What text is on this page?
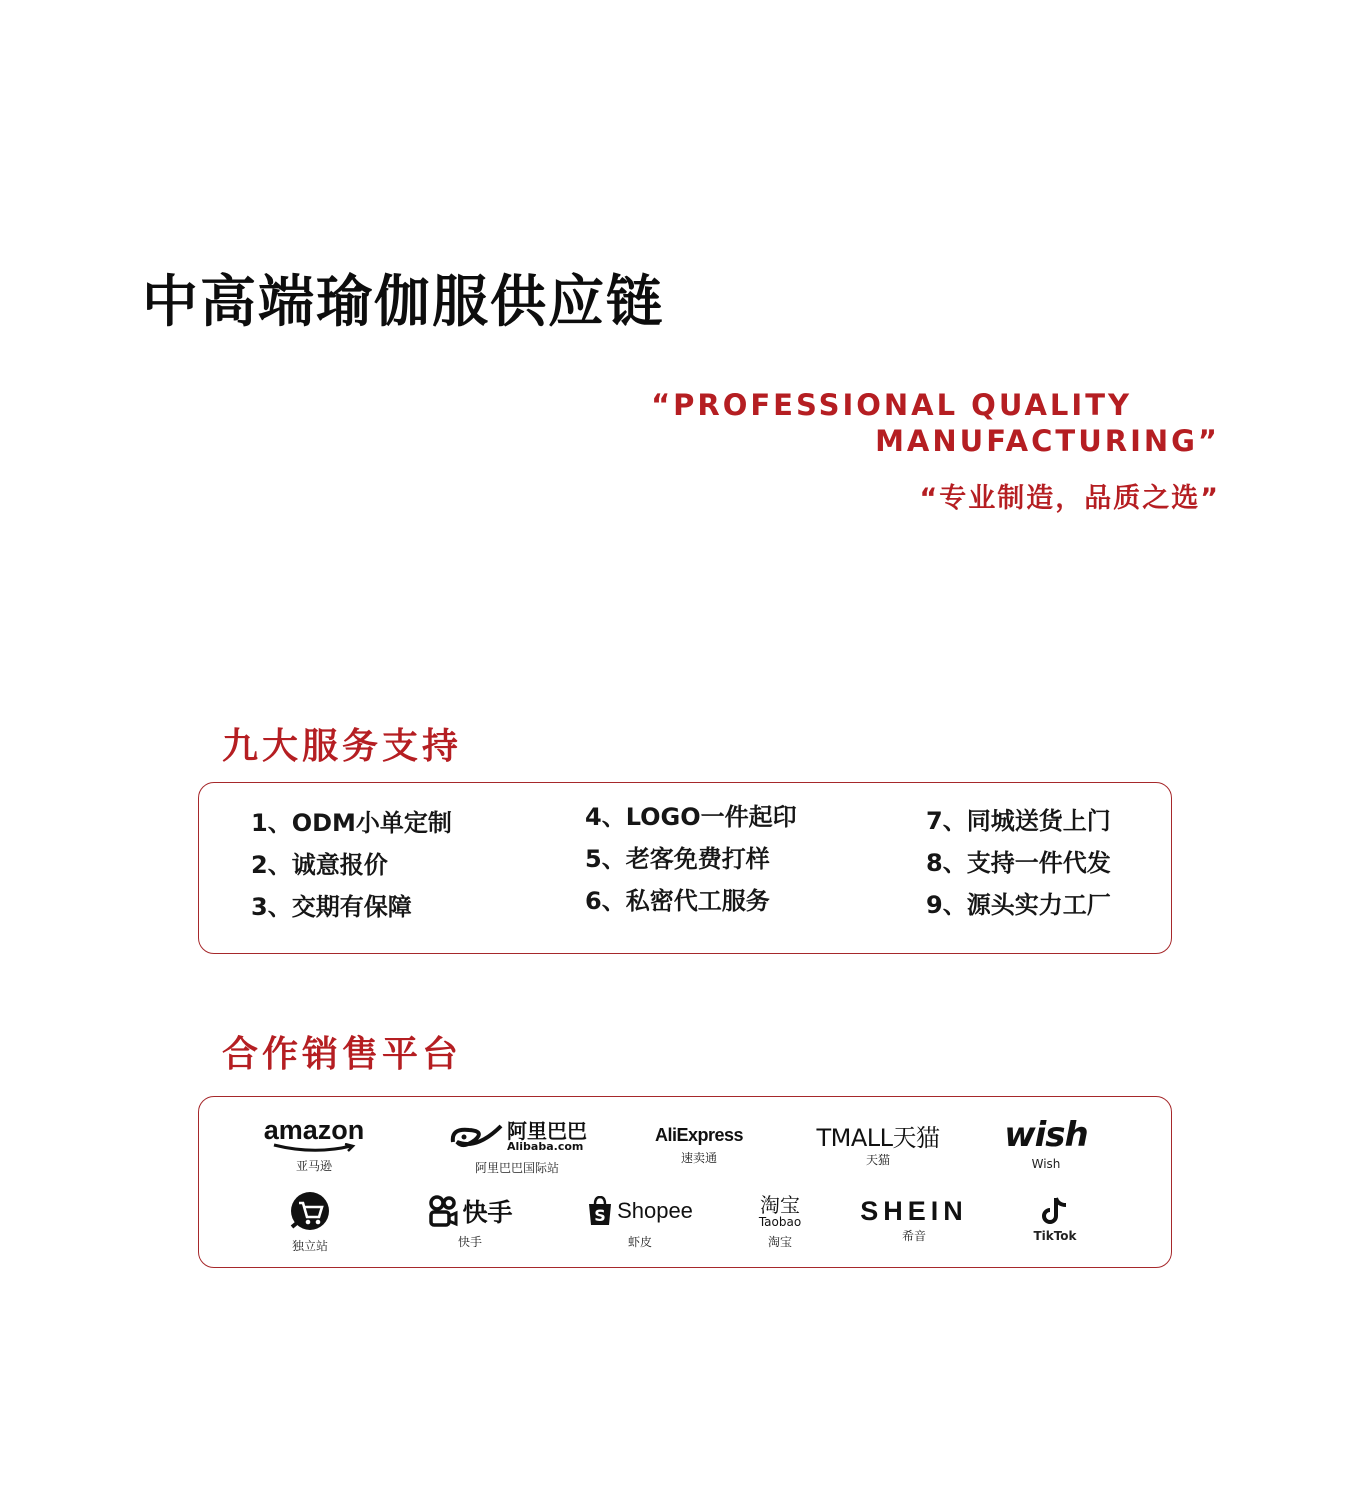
中高端瑜伽服供应链
“PROFESSIONAL QUALITY
MANUFACTURING”
“专业制造，品质之选”
九大服务支持
1、ODM小单定制
2、诚意报价
3、交期有保障
4、LOGO一件起印
5、老客免费打样
6、私密代工服务
7、同城送货上门
8、支持一件代发
9、源头实力工厂
合作销售平台
amazon
亚马逊
阿里巴巴
Alibaba.com
阿里巴巴国际站
AliExpress
速卖通
TMALL天猫
天猫
wish
Wish
独立站
快手
快手
S Shopee
虾皮
淘宝
Taobao
淘宝
SHEIN
希音	TikTok
